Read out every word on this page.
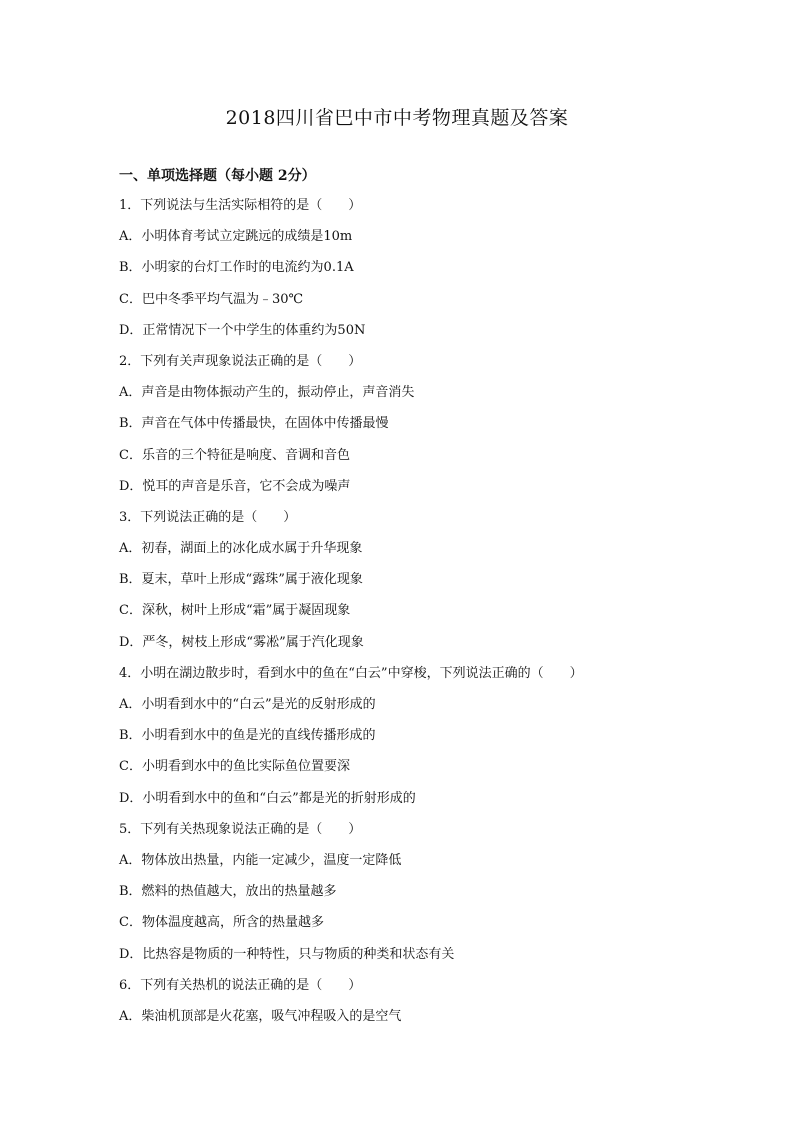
2018四川省巴中市中考物理真题及答案
一、单项选择题（每小题 2分）
1．下列说法与生活实际相符的是（　　）
A．小明体育考试立定跳远的成绩是10m
B．小明家的台灯工作时的电流约为0.1A
C．巴中冬季平均气温为﹣30℃
D．正常情况下一个中学生的体重约为50N
2．下列有关声现象说法正确的是（　　）
A．声音是由物体振动产生的，振动停止，声音消失
B．声音在气体中传播最快，在固体中传播最慢
C．乐音的三个特征是响度、音调和音色
D．悦耳的声音是乐音，它不会成为噪声
3．下列说法正确的是（　　）
A．初春，湖面上的冰化成水属于升华现象
B．夏末，草叶上形成“露珠”属于液化现象
C．深秋，树叶上形成“霜”属于凝固现象
D．严冬，树枝上形成“雾凇”属于汽化现象
4．小明在湖边散步时，看到水中的鱼在“白云”中穿梭，下列说法正确的（　　）
A．小明看到水中的“白云”是光的反射形成的
B．小明看到水中的鱼是光的直线传播形成的
C．小明看到水中的鱼比实际鱼位置要深
D．小明看到水中的鱼和“白云”都是光的折射形成的
5．下列有关热现象说法正确的是（　　）
A．物体放出热量，内能一定减少，温度一定降低
B．燃料的热值越大，放出的热量越多
C．物体温度越高，所含的热量越多
D．比热容是物质的一种特性，只与物质的种类和状态有关
6．下列有关热机的说法正确的是（　　）
A．柴油机顶部是火花塞，吸气冲程吸入的是空气
